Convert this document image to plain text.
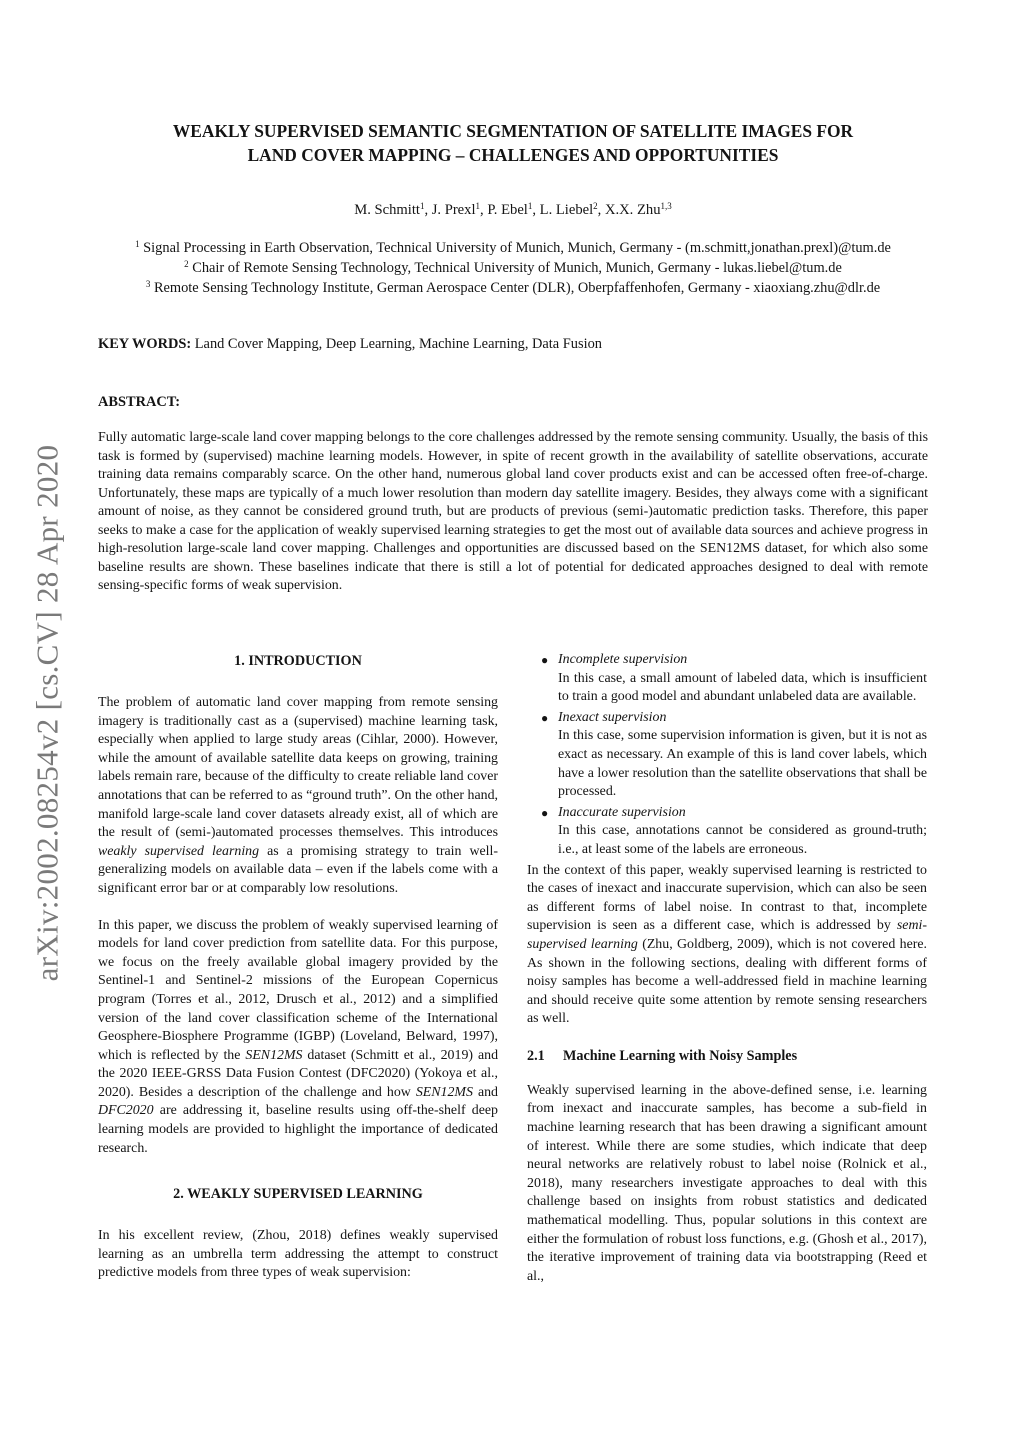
arXiv:2002.08254v2 [cs.CV] 28 Apr 2020
WEAKLY SUPERVISED SEMANTIC SEGMENTATION OF SATELLITE IMAGES FOR
LAND COVER MAPPING – CHALLENGES AND OPPORTUNITIES
M. Schmitt$^1$, J. Prexl$^1$, P. Ebel$^1$, L. Liebel$^2$, X.X. Zhu$^{1,3}$
$^1$ Signal Processing in Earth Observation, Technical University of Munich, Munich, Germany - (m.schmitt,jonathan.prexl)@tum.de
$^2$ Chair of Remote Sensing Technology, Technical University of Munich, Munich, Germany - lukas.liebel@tum.de
$^3$ Remote Sensing Technology Institute, German Aerospace Center (DLR), Oberpfaffenhofen, Germany - xiaoxiang.zhu@dlr.de
KEY WORDS: Land Cover Mapping, Deep Learning, Machine Learning, Data Fusion
ABSTRACT:

Fully automatic large-scale land cover mapping belongs to the core challenges addressed by the remote sensing community. Usually, the basis of this task is formed by (supervised) machine learning models. However, in spite of recent growth in the availability of satellite observations, accurate training data remains comparably scarce. On the other hand, numerous global land cover products exist and can be accessed often free-of-charge. Unfortunately, these maps are typically of a much lower resolution than modern day satellite imagery. Besides, they always come with a significant amount of noise, as they cannot be considered ground truth, but are products of previous (semi-)automatic prediction tasks. Therefore, this paper seeks to make a case for the application of weakly supervised learning strategies to get the most out of available data sources and achieve progress in high-resolution large-scale land cover mapping. Challenges and opportunities are discussed based on the SEN12MS dataset, for which also some baseline results are shown. These baselines indicate that there is still a lot of potential for dedicated approaches designed to deal with remote sensing-specific forms of weak supervision.

1. INTRODUCTION

The problem of automatic land cover mapping from remote sensing imagery is traditionally cast as a (supervised) machine learning task, especially when applied to large study areas (Cihlar, 2000). However, while the amount of available satellite data keeps on growing, training labels remain rare, because of the difficulty to create reliable land cover annotations that can be referred to as “ground truth”. On the other hand, manifold large-scale land cover datasets already exist, all of which are the result of (semi-)automated processes themselves. This introduces weakly supervised learning as a promising strategy to train well-generalizing models on available data – even if the labels come with a significant error bar or at comparably low resolutions.

In this paper, we discuss the problem of weakly supervised learning of models for land cover prediction from satellite data. For this purpose, we focus on the freely available global imagery provided by the Sentinel-1 and Sentinel-2 missions of the European Copernicus program (Torres et al., 2012, Drusch et al., 2012) and a simplified version of the land cover classification scheme of the International Geosphere-Biosphere Programme (IGBP) (Loveland, Belward, 1997), which is reflected by the SEN12MS dataset (Schmitt et al., 2019) and the 2020 IEEE-GRSS Data Fusion Contest (DFC2020) (Yokoya et al., 2020). Besides a description of the challenge and how SEN12MS and DFC2020 are addressing it, baseline results using off-the-shelf deep learning models are provided to highlight the importance of dedicated research.

2. WEAKLY SUPERVISED LEARNING

In his excellent review, (Zhou, 2018) defines weakly supervised learning as an umbrella term addressing the attempt to construct predictive models from three types of weak supervision:

● Incomplete supervision
In this case, a small amount of labeled data, which is insufficient to train a good model and abundant unlabeled data are available.
● Inexact supervision
In this case, some supervision information is given, but it is not as exact as necessary. An example of this is land cover labels, which have a lower resolution than the satellite observations that shall be processed.
● Inaccurate supervision
In this case, annotations cannot be considered as ground-truth; i.e., at least some of the labels are erroneous.

In the context of this paper, weakly supervised learning is restricted to the cases of inexact and inaccurate supervision, which can also be seen as different forms of label noise. In contrast to that, incomplete supervision is seen as a different case, which is addressed by semi-supervised learning (Zhu, Goldberg, 2009), which is not covered here. As shown in the following sections, dealing with different forms of noisy samples has become a well-addressed field in machine learning and should receive quite some attention by remote sensing researchers as well.

2.1 Machine Learning with Noisy Samples

Weakly supervised learning in the above-defined sense, i.e. learning from inexact and inaccurate samples, has become a sub-field in machine learning research that has been drawing a significant amount of interest. While there are some studies, which indicate that deep neural networks are relatively robust to label noise (Rolnick et al., 2018), many researchers investigate approaches to deal with this challenge based on insights from robust statistics and dedicated mathematical modelling. Thus, popular solutions in this context are either the formulation of robust loss functions, e.g. (Ghosh et al., 2017), the iterative improvement of training data via bootstrapping (Reed et al.,
